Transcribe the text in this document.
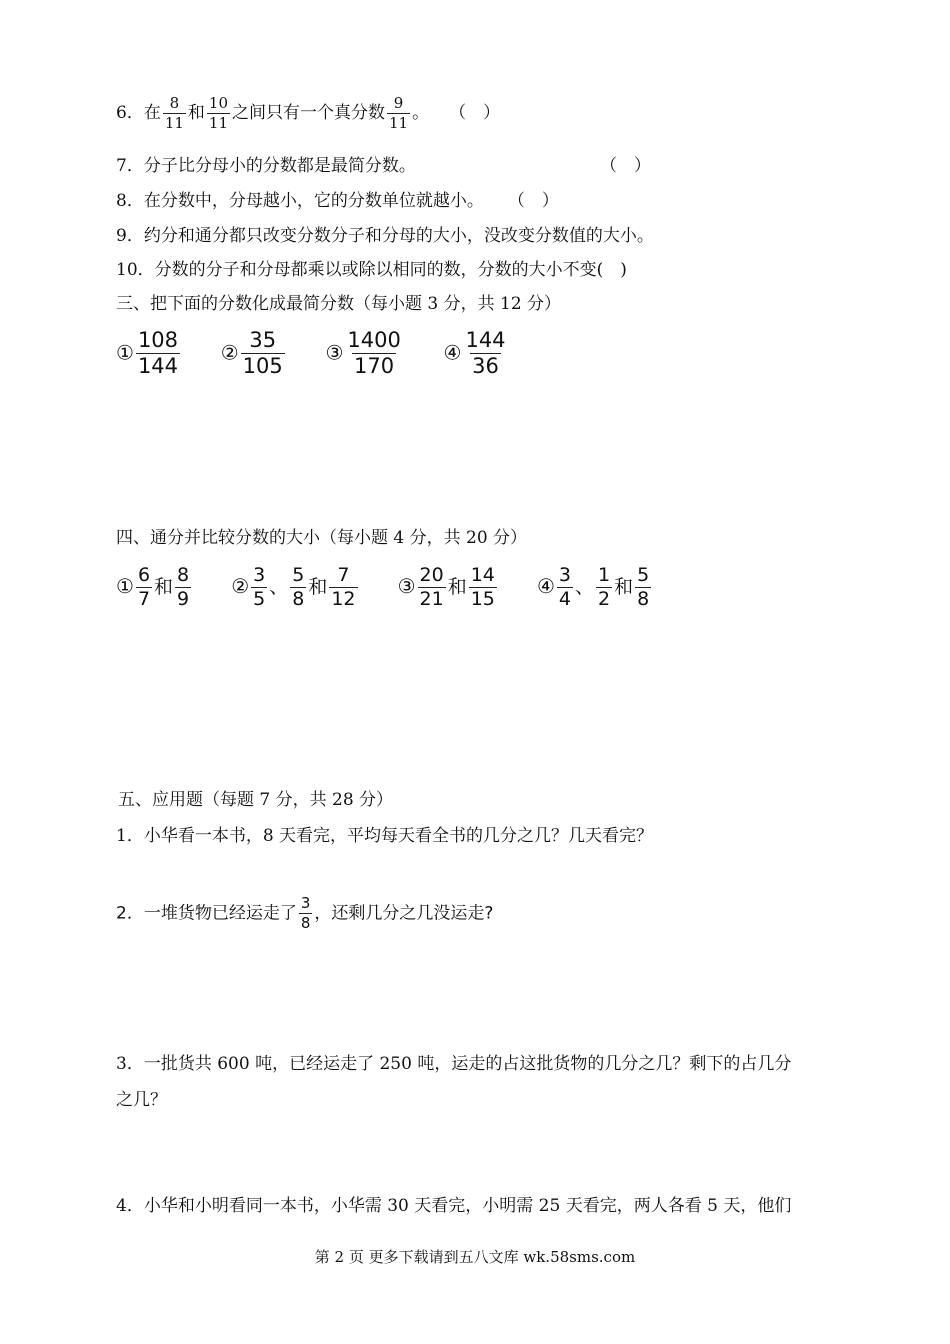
6．在 $\frac{8}{11}$ 和 $\frac{10}{11}$ 之间只有一个真分数 $\frac{9}{11}$ 。 （　）
7．分子比分母小的分数都是最简分数。	（　）
8．在分数中，分母越小，它的分数单位就越小。 （　）
9．约分和通分都只改变分数分子和分母的大小，没改变分数值的大小。
10．分数的分子和分母都乘以或除以相同的数，分数的大小不变(　)
三、把下面的分数化成最简分数（每小题 3 分，共 12 分）
① $\frac{108}{144}$ ② $\frac{35}{105}$ ③ $\frac{1400}{170}$ ④ $\frac{144}{36}$
四、通分并比较分数的大小（每小题 4 分，共 20 分）
① $\frac{6}{7}$ 和 $\frac{8}{9}$ ② $\frac{3}{5}$ 、 $\frac{5}{8}$ 和 $\frac{7}{12}$ ③ $\frac{20}{21}$ 和 $\frac{14}{15}$ ④ $\frac{3}{4}$ 、 $\frac{1}{2}$ 和 $\frac{5}{8}$
五、应用题（每题 7 分，共 28 分）
1．小华看一本书，8 天看完，平均每天看全书的几分之几？几天看完？
2．一堆货物已经运走了 $\frac{3}{8}$ ，还剩几分之几没运走?
3．一批货共 600 吨，已经运走了 250 吨，运走的占这批货物的几分之几？剩下的占几分
之几？
4．小华和小明看同一本书，小华需 30 天看完，小明需 25 天看完，两人各看 5 天，他们
第 2 页 更多下载请到五八文库 wk.58sms.com
